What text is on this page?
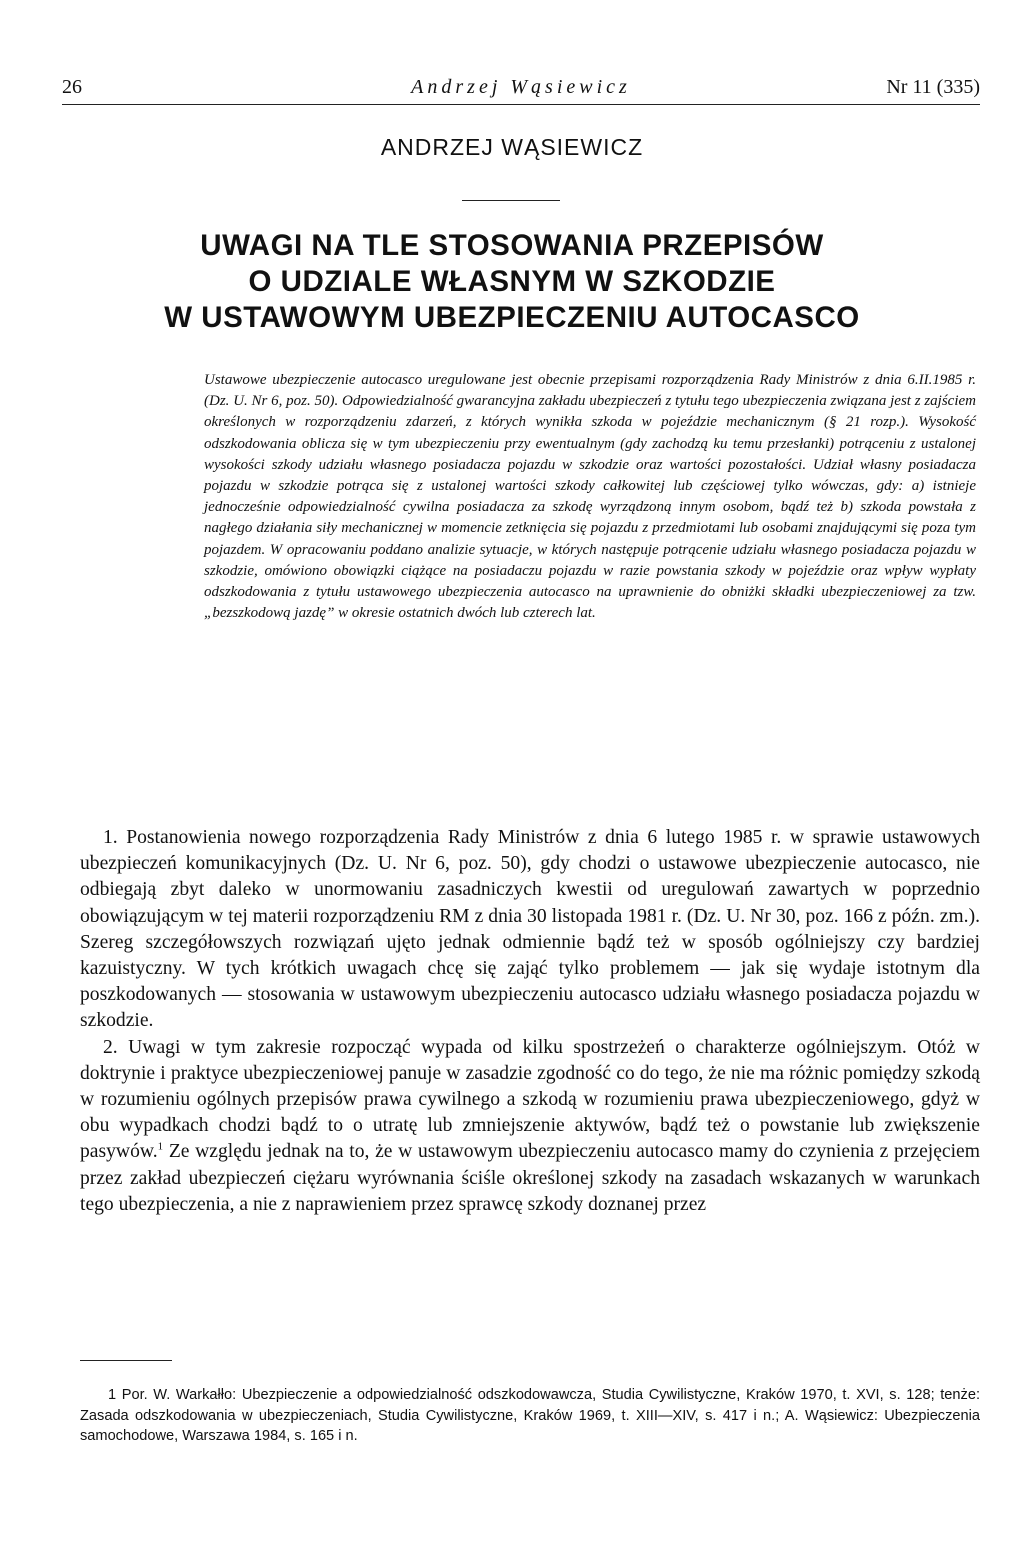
26	Andrzej Wąsiewicz	Nr 11 (335)
ANDRZEJ WĄSIEWICZ
UWAGI NA TLE STOSOWANIA PRZEPISÓW
O UDZIALE WŁASNYM W SZKODZIE
W USTAWOWYM UBEZPIECZENIU AUTOCASCO
Ustawowe ubezpieczenie autocasco uregulowane jest obecnie przepisami rozporządzenia Rady Ministrów z dnia 6.II.1985 r. (Dz. U. Nr 6, poz. 50). Odpowiedzialność gwarancyjna zakładu ubezpieczeń z tytułu tego ubezpieczenia związana jest z zajściem określonych w rozporządzeniu zdarzeń, z których wynikła szkoda w pojeździe mechanicznym (§ 21 rozp.). Wysokość odszkodowania oblicza się w tym ubezpieczeniu przy ewentualnym (gdy zachodzą ku temu przesłanki) potrąceniu z ustalonej wysokości szkody udziału własnego posiadacza pojazdu w szkodzie oraz wartości pozostałości. Udział własny posiadacza pojazdu w szkodzie potrąca się z ustalonej wartości szkody całkowitej lub częściowej tylko wówczas, gdy: a) istnieje jednocześnie odpowiedzialność cywilna posiadacza za szkodę wyrządzoną innym osobom, bądź też b) szkoda powstała z nagłego działania siły mechanicznej w momencie zetknięcia się pojazdu z przedmiotami lub osobami znajdującymi się poza tym pojazdem. W opracowaniu poddano analizie sytuacje, w których następuje potrącenie udziału własnego posiadacza pojazdu w szkodzie, omówiono obowiązki ciążące na posiadaczu pojazdu w razie powstania szkody w pojeździe oraz wpływ wypłaty odszkodowania z tytułu ustawowego ubezpieczenia autocasco na uprawnienie do obniżki składki ubezpieczeniowej za tzw. „bezszkodową jazdę” w okresie ostatnich dwóch lub czterech lat.

1. Postanowienia nowego rozporządzenia Rady Ministrów z dnia 6 lutego 1985 r. w sprawie ustawowych ubezpieczeń komunikacyjnych (Dz. U. Nr 6, poz. 50), gdy chodzi o ustawowe ubezpieczenie autocasco, nie odbiegają zbyt daleko w unormowaniu zasadniczych kwestii od uregulowań zawartych w poprzednio obowiązującym w tej materii rozporządzeniu RM z dnia 30 listopada 1981 r. (Dz. U. Nr 30, poz. 166 z późn. zm.). Szereg szczegółowszych rozwiązań ujęto jednak odmiennie bądź też w sposób ogólniejszy czy bardziej kazuistyczny. W tych krótkich uwagach chcę się zająć tylko problemem — jak się wydaje istotnym dla poszkodowanych — stosowania w ustawowym ubezpieczeniu autocasco udziału własnego posiadacza pojazdu w szkodzie.

2. Uwagi w tym zakresie rozpocząć wypada od kilku spostrzeżeń o charakterze ogólniejszym. Otóż w doktrynie i praktyce ubezpieczeniowej panuje w zasadzie zgodność co do tego, że nie ma różnic pomiędzy szkodą w rozumieniu ogólnych przepisów prawa cywilnego a szkodą w rozumieniu prawa ubezpieczeniowego, gdyż w obu wypadkach chodzi bądź to o utratę lub zmniejszenie aktywów, bądź też o powstanie lub zwiększenie pasywów.$^1$ Ze względu jednak na to, że w ustawowym ubezpieczeniu autocasco mamy do czynienia z przejęciem przez zakład ubezpieczeń ciężaru wyrównania ściśle określonej szkody na zasadach wskazanych w warunkach tego ubezpieczenia, a nie z naprawieniem przez sprawcę szkody doznanej przez

1 Por. W. Warkałło: Ubezpieczenie a odpowiedzialność odszkodowawcza, Studia Cywilistyczne, Kraków 1970, t. XVI, s. 128; tenże: Zasada odszkodowania w ubezpieczeniach, Studia Cywilistyczne, Kraków 1969, t. XIII—XIV, s. 417 i n.; A. Wąsiewicz: Ubezpieczenia samochodowe, Warszawa 1984, s. 165 i n.
